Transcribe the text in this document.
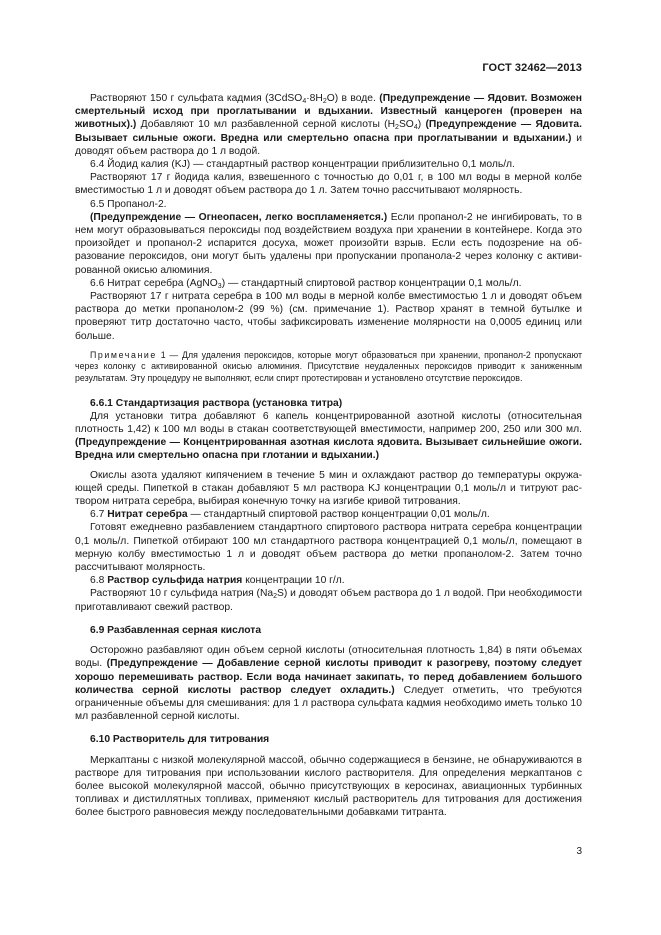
ГОСТ 32462—2013

Растворяют 150 г сульфата кадмия $(3CdSO_4\cdot 8H_2O)$ в воде. (Предупреждение — Ядовит. Возможен смертельный исход при проглатывании и вдыхании. Известный канцероген (проверен на животных).) Добавляют 10 мл разбавленной серной кислоты $(H_2SO_4)$ (Предупреждение — Ядовита. Вызывает сильные ожоги. Вредна или смертельно опасна при проглатывании и вдыхании.) и доводят объем раствора до 1 л водой.

6.4 Йодид калия (KJ) — стандартный раствор концентрации приблизительно 0,1 моль/л.

Растворяют 17 г йодида калия, взвешенного с точностью до 0,01 г, в 100 мл воды в мерной колбе вместимостью 1 л и доводят объем раствора до 1 л. Затем точно рассчитывают молярность.

6.5 Пропанол-2.

(Предупреждение — Огнеопасен, легко воспламеняется.) Если пропанол-2 не ингибировать, то в нем могут образовываться пероксиды под воздействием воздуха при хранении в контейнере. Когда это произойдет и пропанол-2 испарится досуха, может произойти взрыв. Если есть подозрение на образование пероксидов, они могут быть удалены при пропускании пропанола-2 через колонку с активированной окисью алюминия.

6.6 Нитрат серебра (AgNO$_3$) — стандартный спиртовой раствор концентрации 0,1 моль/л.

Растворяют 17 г нитрата серебра в 100 мл воды в мерной колбе вместимостью 1 л и доводят объем раствора до метки пропанолом-2 (99 %) (см. примечание 1). Раствор хранят в темной бутылке и проверяют титр достаточно часто, чтобы зафиксировать изменение молярности на 0,0005 единиц или больше.

Примечание 1 — Для удаления пероксидов, которые могут образоваться при хранении, пропанол-2 пропускают через колонку с активированной окисью алюминия. Присутствие неудаленных пероксидов приводит к заниженным результатам. Эту процедуру не выполняют, если спирт протестирован и установлено отсутствие пероксидов.

6.6.1 Стандартизация раствора (установка титра)

Для установки титра добавляют 6 капель концентрированной азотной кислоты (относительная плотность 1,42) к 100 мл воды в стакан соответствующей вместимости, например 200, 250 или 300 мл. (Предупреждение — Концентрированная азотная кислота ядовита. Вызывает сильнейшие ожоги. Вредна или смертельно опасна при глотании и вдыхании.)

Окислы азота удаляют кипячением в течение 5 мин и охлаждают раствор до температуры окружающей среды. Пипеткой в стакан добавляют 5 мл раствора KJ концентрации 0,1 моль/л и титруют раствором нитрата серебра, выбирая конечную точку на изгибе кривой титрования.

6.7 Нитрат серебра — стандартный спиртовой раствор концентрации 0,01 моль/л.

Готовят ежедневно разбавлением стандартного спиртового раствора нитрата серебра концентрации 0,1 моль/л. Пипеткой отбирают 100 мл стандартного раствора концентрацией 0,1 моль/л, помещают в мерную колбу вместимостью 1 л и доводят объем раствора до метки пропанолом-2. Затем точно рассчитывают молярность.

6.8 Раствор сульфида натрия концентрации 10 г/л.

Растворяют 10 г сульфида натрия $(Na_2S)$ и доводят объем раствора до 1 л водой. При необходимости приготавливают свежий раствор.

6.9 Разбавленная серная кислота

Осторожно разбавляют один объем серной кислоты (относительная плотность 1,84) в пяти объемах воды. (Предупреждение — Добавление серной кислоты приводит к разогреву, поэтому следует хорошо перемешивать раствор. Если вода начинает закипать, то перед добавлением большого количества серной кислоты раствор следует охладить.) Следует отметить, что требуются ограниченные объемы для смешивания: для 1 л раствора сульфата кадмия необходимо иметь только 10 мл разбавленной серной кислоты.

6.10 Растворитель для титрования

Меркаптаны с низкой молекулярной массой, обычно содержащиеся в бензине, не обнаруживаются в растворе для титрования при использовании кислого растворителя. Для определения меркаптанов с более высокой молекулярной массой, обычно присутствующих в керосинах, авиационных турбинных топливах и дистиллятных топливах, применяют кислый растворитель для титрования для достижения более быстрого равновесия между последовательными добавками титранта.

3
